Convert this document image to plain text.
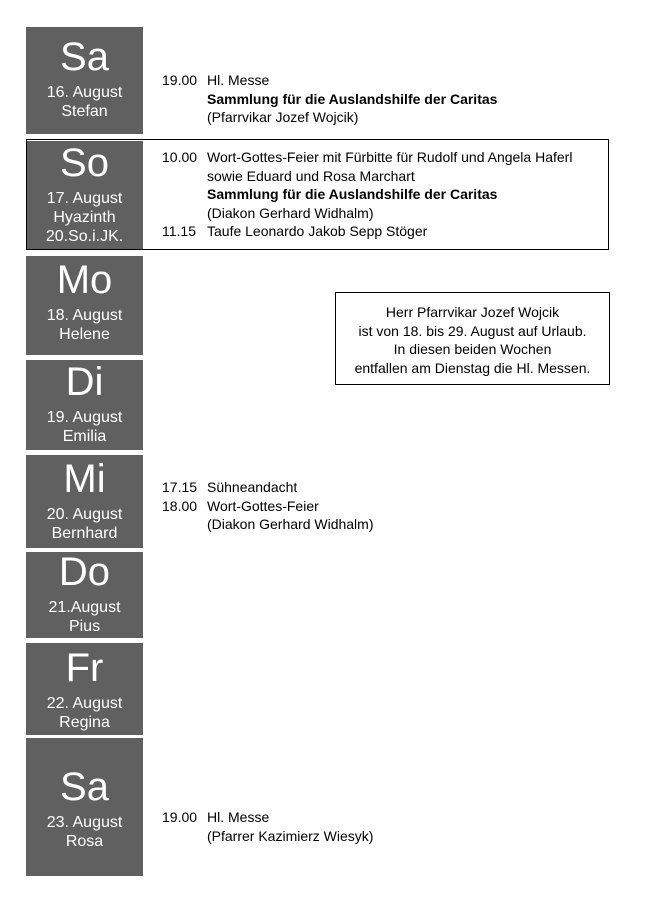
Sa
16. August
Stefan
19.00 Hl. Messe
Sammlung für die Auslandshilfe der Caritas
(Pfarrvikar Jozef Wojcik)
So
17. August
Hyazinth
20.So.i.JK.
10.00 Wort-Gottes-Feier mit Fürbitte für Rudolf und Angela Haferl
sowie Eduard und Rosa Marchart
Sammlung für die Auslandshilfe der Caritas
(Diakon Gerhard Widhalm)
11.15 Taufe Leonardo Jakob Sepp Stöger
Mo
18. August
Helene
Di
19. August
Emilia
Mi
20. August
Bernhard
17.15 Sühneandacht
18.00 Wort-Gottes-Feier
(Diakon Gerhard Widhalm)
Do
21.August
Pius
Fr
22. August
Regina
Sa
23. August
Rosa
19.00 Hl. Messe
(Pfarrer Kazimierz Wiesyk)
Herr Pfarrvikar Jozef Wojcik
ist von 18. bis 29. August auf Urlaub.
In diesen beiden Wochen
entfallen am Dienstag die Hl. Messen.
